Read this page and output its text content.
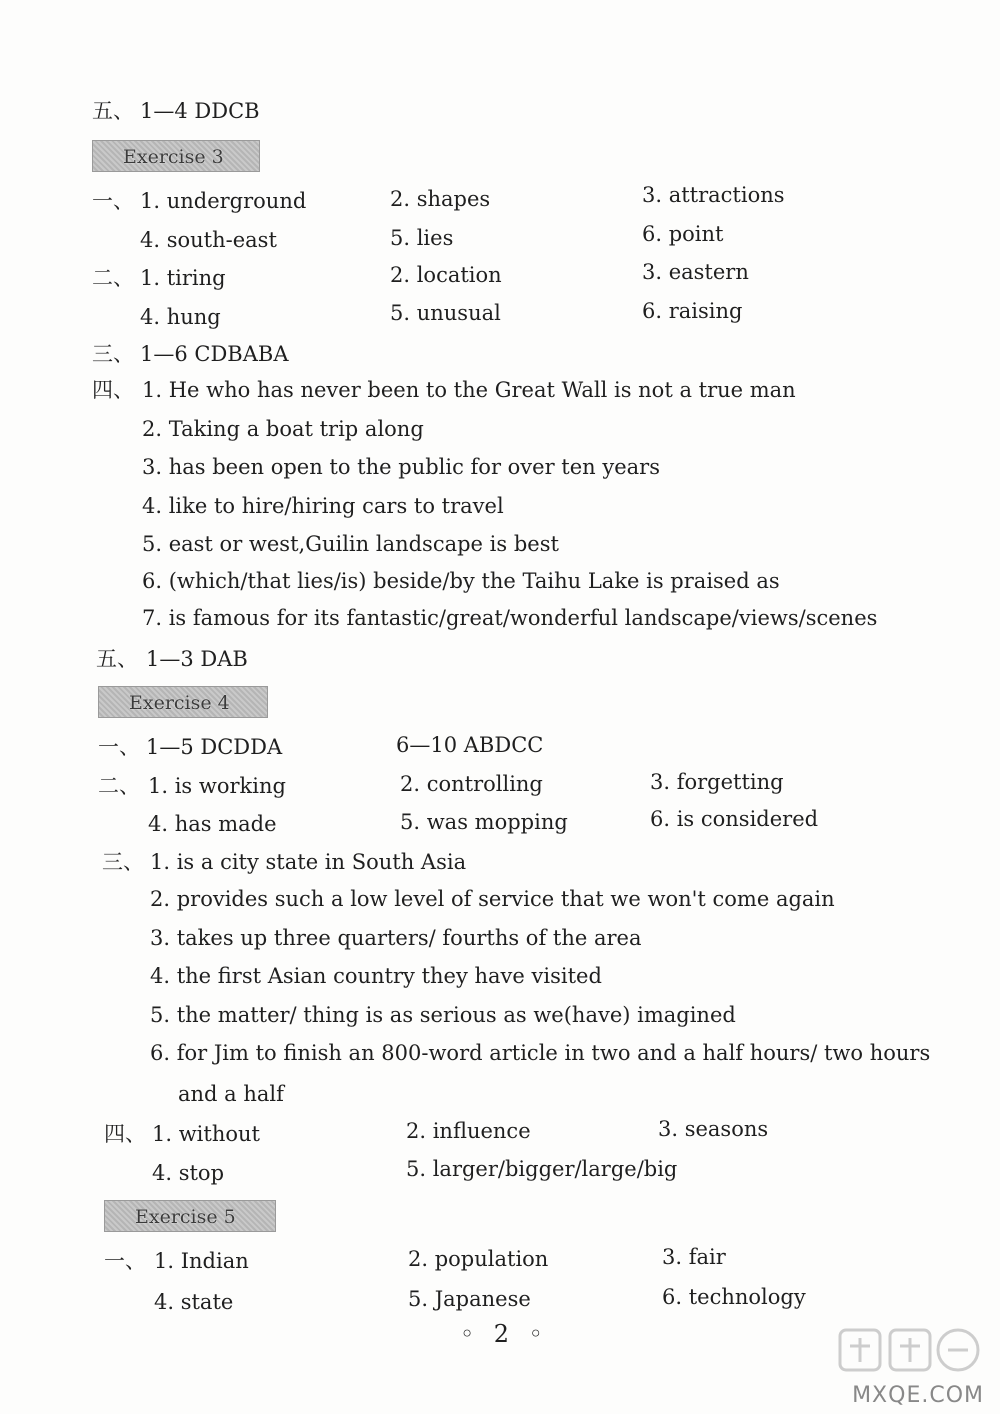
五、 1—4 DDCB
Exercise 3
一、 1. underground	2. shapes	3. attractions
4. south-east	5. lies	6. point
二、 1. tiring	2. location	3. eastern
4. hung	5. unusual	6. raising
三、 1—6 CDBABA
四、 1. He who has never been to the Great Wall is not a true man
2. Taking a boat trip along
3. has been open to the public for over ten years
4. like to hire/hiring cars to travel
5. east or west,Guilin landscape is best
6. (which/that lies/is) beside/by the Taihu Lake is praised as
7. is famous for its fantastic/great/wonderful landscape/views/scenes
五、 1—3 DAB
Exercise 4
一、 1—5 DCDDA	6—10 ABDCC
二、 1. is working	2. controlling	3. forgetting
4. has made	5. was mopping	6. is considered
三、 1. is a city state in South Asia
2. provides such a low level of service that we won't come again
3. takes up three quarters/ fourths of the area
4. the first Asian country they have visited
5. the matter/ thing is as serious as we(have) imagined
6. for Jim to finish an 800-word article in two and a half hours/ two hours
and a half
四、 1. without	2. influence	3. seasons
4. stop	5. larger/bigger/large/big
Exercise 5
一、 1. Indian	2. population	3. fair
4. state	5. Japanese	6. technology
◦ 2 ◦
MXQE.COM
